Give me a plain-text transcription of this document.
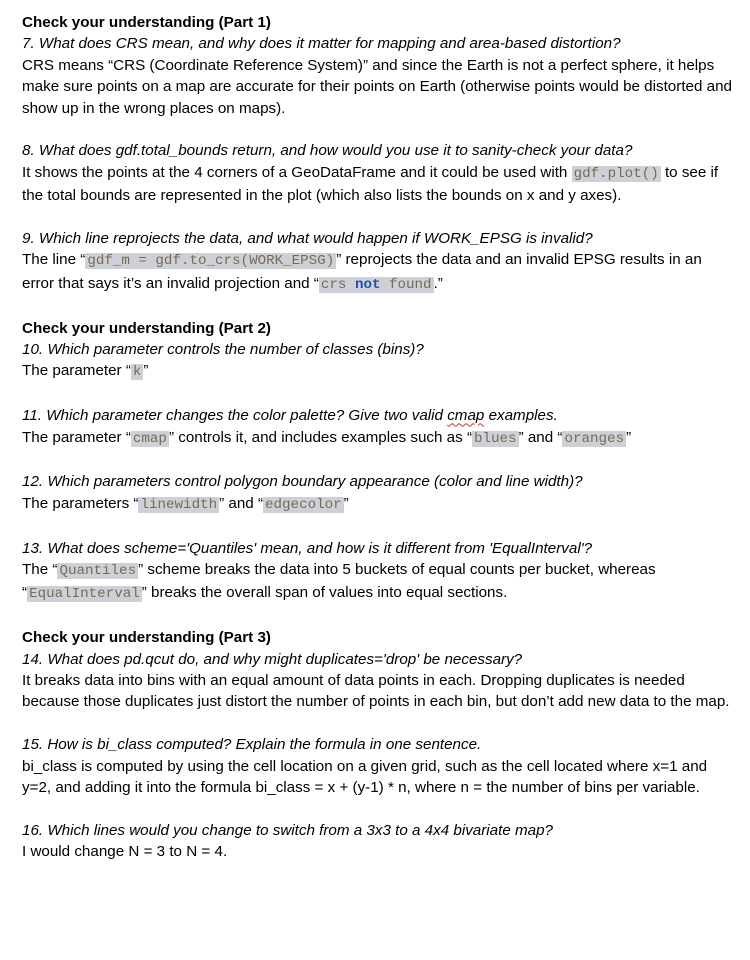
Check your understanding (Part 1)
7. What does CRS mean, and why does it matter for mapping and area-based distortion?
CRS means “CRS (Coordinate Reference System)” and since the Earth is not a perfect sphere, it helps make sure points on a map are accurate for their points on Earth (otherwise points would be distorted and show up in the wrong places on maps).
8. What does gdf.total_bounds return, and how would you use it to sanity-check your data?
It shows the points at the 4 corners of a GeoDataFrame and it could be used with gdf.plot() to see if the total bounds are represented in the plot (which also lists the bounds on x and y axes).
9. Which line reprojects the data, and what would happen if WORK_EPSG is invalid?
The line “ gdf_m = gdf.to_crs(WORK_EPSG) ” reprojects the data and an invalid EPSG results in an error that says it’s an invalid projection and “ crs not found .”
Check your understanding (Part 2)
10. Which parameter controls the number of classes (bins)?
The parameter “ k ”
11. Which parameter changes the color palette? Give two valid cmap examples.
The parameter “ cmap ” controls it, and includes examples such as “ blues ” and “ oranges ”
12. Which parameters control polygon boundary appearance (color and line width)?
The parameters “ linewidth ” and “ edgecolor ”
13. What does scheme='Quantiles' mean, and how is it different from 'EqualInterval'?
The “ Quantiles ” scheme breaks the data into 5 buckets of equal counts per bucket, whereas “ EqualInterval ” breaks the overall span of values into equal sections.
Check your understanding (Part 3)
14. What does pd.qcut do, and why might duplicates='drop' be necessary?
It breaks data into bins with an equal amount of data points in each. Dropping duplicates is needed because those duplicates just distort the number of points in each bin, but don’t add new data to the map.
15. How is bi_class computed? Explain the formula in one sentence.
bi_class is computed by using the cell location on a given grid, such as the cell located where x=1 and y=2, and adding it into the formula bi_class = x + (y-1) * n, where n = the number of bins per variable.
16. Which lines would you change to switch from a 3x3 to a 4x4 bivariate map?
I would change N = 3 to N = 4.
